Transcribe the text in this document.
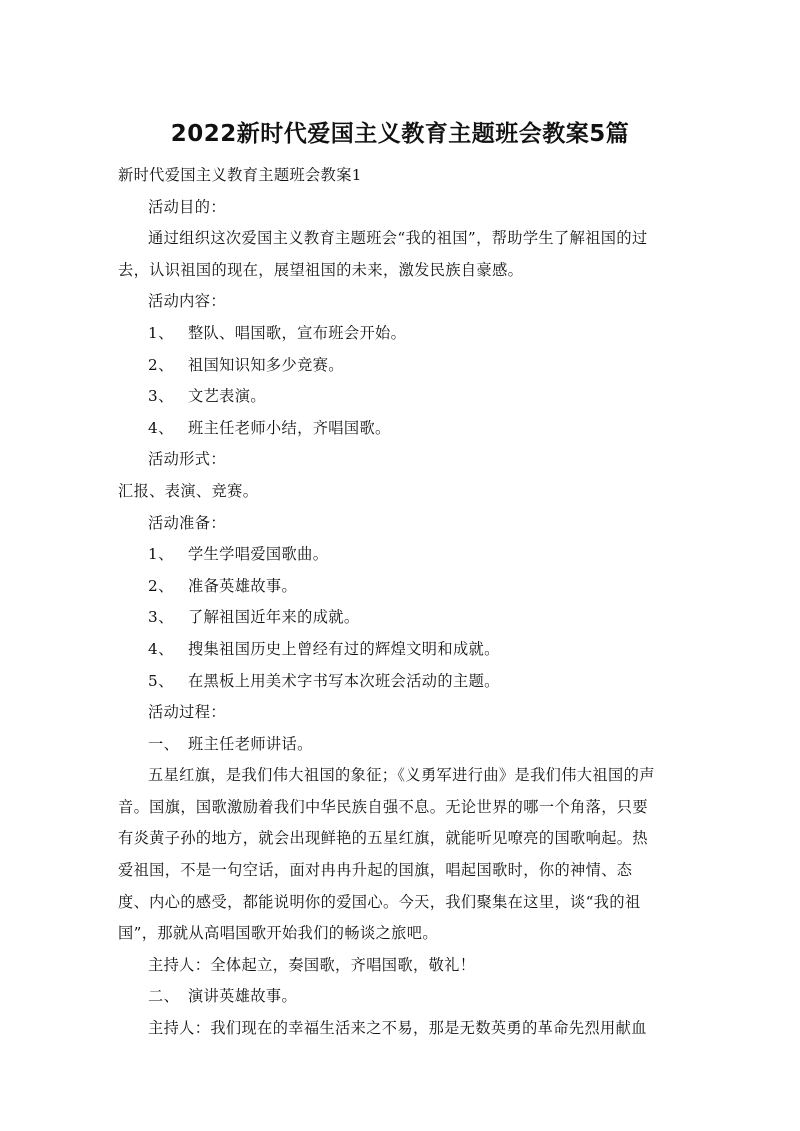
2022新时代爱国主义教育主题班会教案5篇
新时代爱国主义教育主题班会教案1
活动目的：
通过组织这次爱国主义教育主题班会“我的祖国”，帮助学生了解祖国的过
去，认识祖国的现在，展望祖国的未来，激发民族自豪感。
活动内容：
1、 整队、唱国歌，宣布班会开始。
2、 祖国知识知多少竞赛。
3、 文艺表演。
4、 班主任老师小结，齐唱国歌。
活动形式：
汇报、表演、竞赛。
活动准备：
1、 学生学唱爱国歌曲。
2、 准备英雄故事。
3、 了解祖国近年来的成就。
4、 搜集祖国历史上曾经有过的辉煌文明和成就。
5、 在黑板上用美术字书写本次班会活动的主题。
活动过程：
一、 班主任老师讲话。
五星红旗，是我们伟大祖国的象征；《义勇军进行曲》是我们伟大祖国的声
音。国旗，国歌激励着我们中华民族自强不息。无论世界的哪一个角落，只要
有炎黄子孙的地方，就会出现鲜艳的五星红旗，就能听见嘹亮的国歌响起。热
爱祖国，不是一句空话，面对冉冉升起的国旗，唱起国歌时，你的神情、态
度、内心的感受，都能说明你的爱国心。今天，我们聚集在这里，谈“我的祖
国”，那就从高唱国歌开始我们的畅谈之旅吧。
主持人：全体起立，奏国歌，齐唱国歌，敬礼！
二、 演讲英雄故事。
主持人：我们现在的幸福生活来之不易，那是无数英勇的革命先烈用献血
